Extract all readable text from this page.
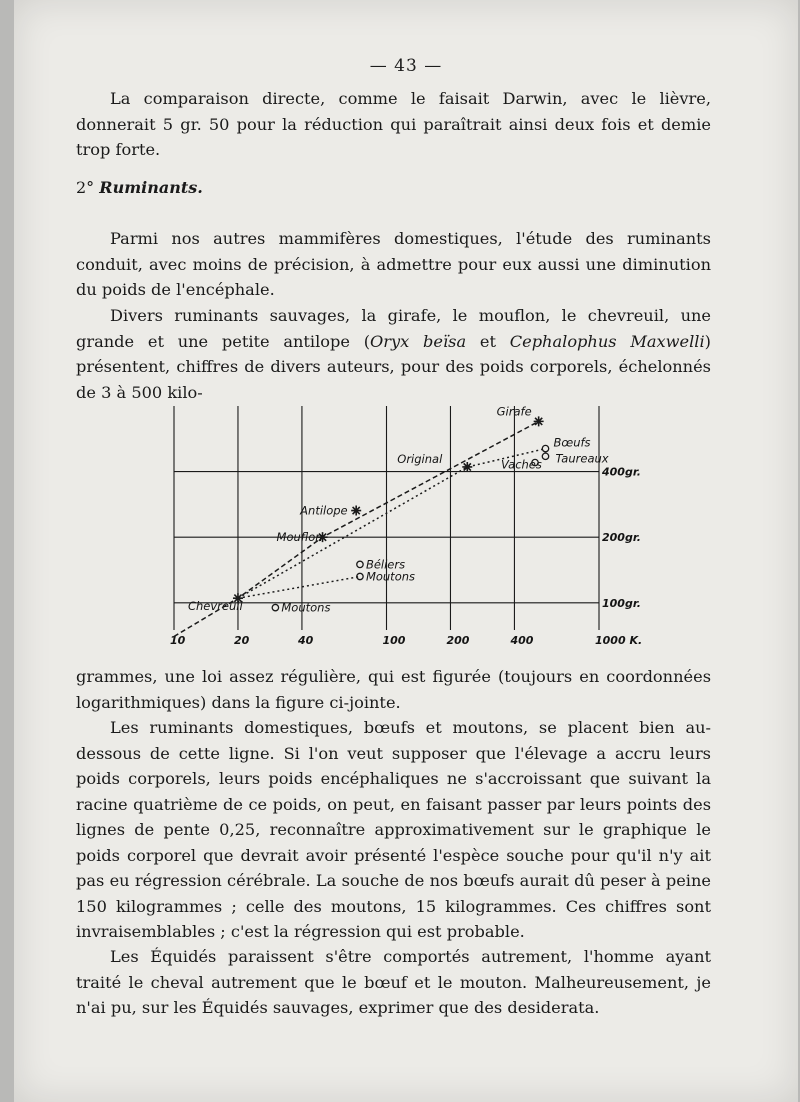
— 43 —

La comparaison directe, comme le faisait Darwin, avec le lièvre, donnerait 5 gr. 50 pour la réduction qui paraîtrait ainsi deux fois et demie trop forte.

2° Ruminants.

Parmi nos autres mammifères domestiques, l'étude des ruminants conduit, avec moins de précision, à admettre pour eux aussi une diminution du poids de l'encéphale.

Divers ruminants sauvages, la girafe, le mouflon, le chevreuil, une grande et une petite antilope (Oryx beïsa et Cephalophus Maxwelli) présentent, chiffres de divers auteurs, pour des poids corporels, échelonnés de 3 à 500 kilo-

10	20	40	100	200	400	1000 K.
100gr.
200gr.
400gr.
Chevreuil
Mouflon
Antilope
Original
Girafe
Bœufs
Taureaux
Vaches
Béliers
Moutons
Moutons

grammes, une loi assez régulière, qui est figurée (toujours en coordonnées logarithmiques) dans la figure ci-jointe.

Les ruminants domestiques, bœufs et moutons, se placent bien au-dessous de cette ligne. Si l'on veut supposer que l'élevage a accru leurs poids corporels, leurs poids encéphaliques ne s'accroissant que suivant la racine quatrième de ce poids, on peut, en faisant passer par leurs points des lignes de pente 0,25, reconnaître approximativement sur le graphique le poids corporel que devrait avoir présenté l'espèce souche pour qu'il n'y ait pas eu régression cérébrale. La souche de nos bœufs aurait dû peser à peine 150 kilogrammes ; celle des moutons, 15 kilogrammes. Ces chiffres sont invraisemblables ; c'est la régression qui est probable.

Les Équidés paraissent s'être comportés autrement, l'homme ayant traité le cheval autrement que le bœuf et le mouton. Malheureusement, je n'ai pu, sur les Équidés sauvages, exprimer que des desiderata.
